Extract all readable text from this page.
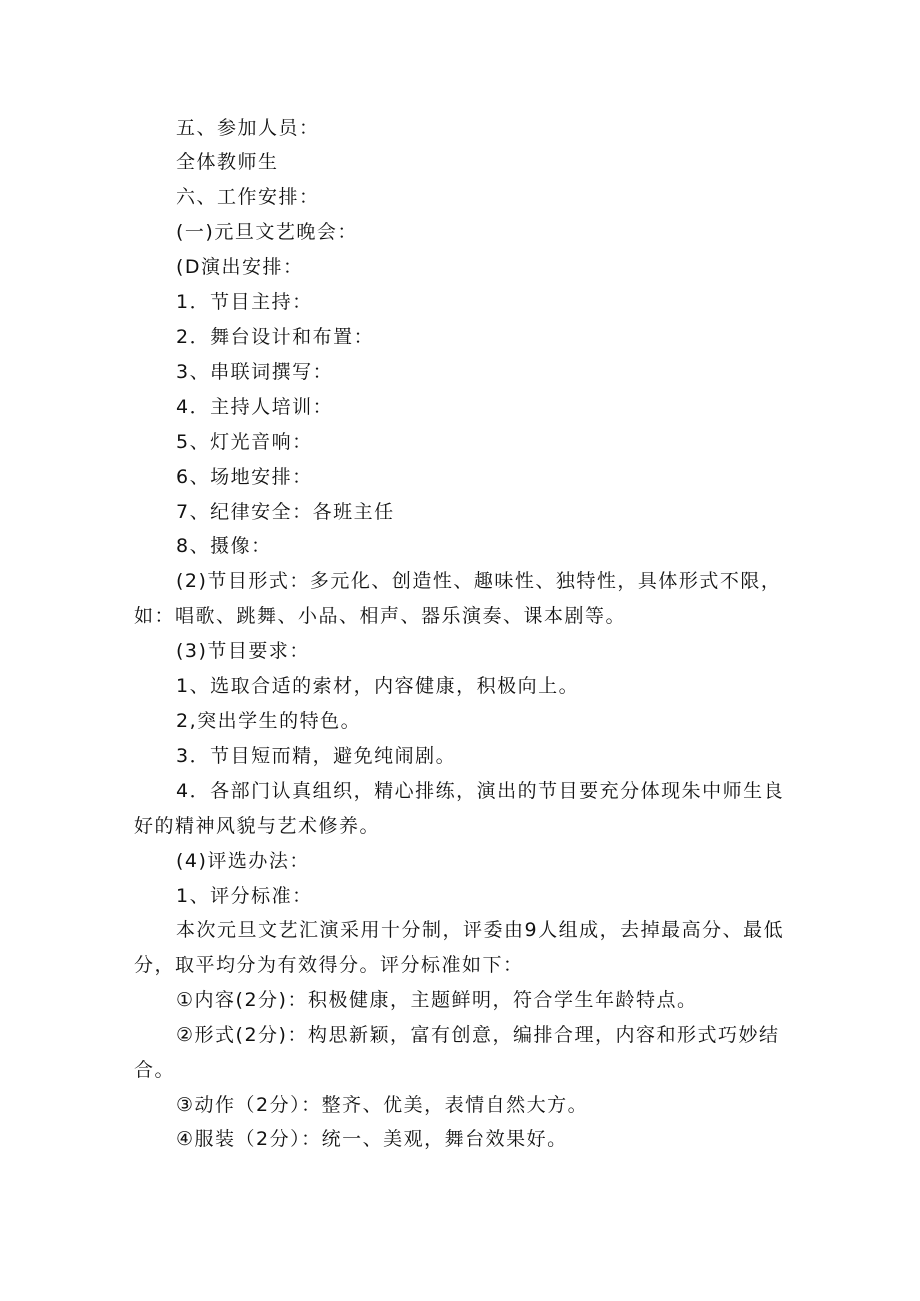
五、参加人员：
全体教师生
六、工作安排：
(一)元旦文艺晚会：
(D演出安排：
1．节目主持：
2．舞台设计和布置：
3、串联词撰写：
4．主持人培训：
5、灯光音响：
6、场地安排：
7、纪律安全：各班主任
8、摄像：
(2)节目形式：多元化、创造性、趣味性、独特性，具体形式不限，
如：唱歌、跳舞、小品、相声、器乐演奏、课本剧等。
(3)节目要求：
1、选取合适的索材，内容健康，积极向上。
2,突出学生的特色。
3．节目短而精，避免纯闹剧。
4．各部门认真组织，精心排练，演出的节目要充分体现朱中师生良
好的精神风貌与艺术修养。
(4)评选办法：
1、评分标准：
本次元旦文艺汇演采用十分制，评委由9人组成，去掉最高分、最低
分，取平均分为有效得分。评分标准如下：
①内容(2分)：积极健康，主题鲜明，符合学生年龄特点。
②形式(2分)：构思新颖，富有创意，编排合理，内容和形式巧妙结
合。
③动作（2分）：整齐、优美，表情自然大方。
④服装（2分）：统一、美观，舞台效果好。
